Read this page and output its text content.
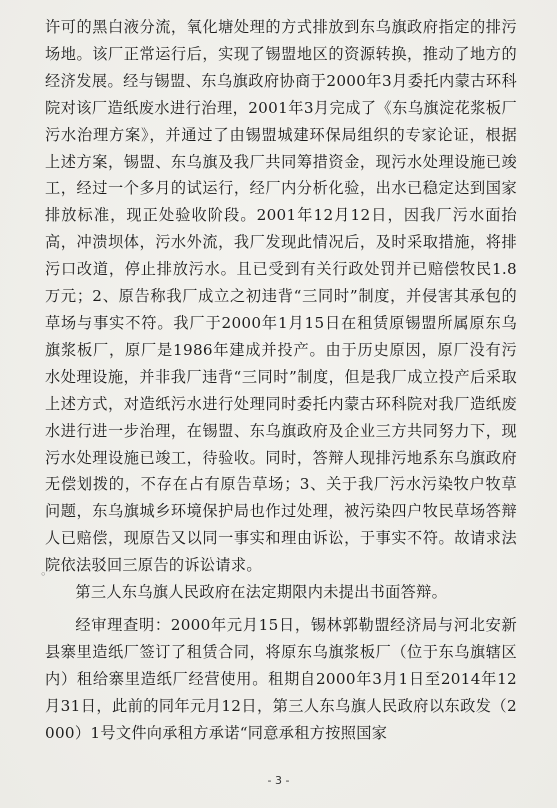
许可的黑白液分流，氧化塘处理的方式排放到东乌旗政府指定的排污场地。该厂正常运行后，实现了锡盟地区的资源转换，推动了地方的经济发展。经与锡盟、东乌旗政府协商于2000年3月委托内蒙古环科院对该厂造纸废水进行治理，2001年3月完成了《东乌旗淀花浆板厂污水治理方案》，并通过了由锡盟城建环保局组织的专家论证，根据上述方案，锡盟、东乌旗及我厂共同筹措资金，现污水处理设施已竣工，经过一个多月的试运行，经厂内分析化验，出水已稳定达到国家排放标准，现正处验收阶段。2001年12月12日，因我厂污水面抬高，冲溃坝体，污水外流，我厂发现此情况后，及时采取措施，将排污口改道，停止排放污水。且已受到有关行政处罚并已赔偿牧民1.8万元；2、原告称我厂成立之初违背“三同时”制度，并侵害其承包的草场与事实不符。我厂于2000年1月15日在租赁原锡盟所属原东乌旗浆板厂，原厂是1986年建成并投产。由于历史原因，原厂没有污水处理设施，并非我厂违背“三同时”制度，但是我厂成立投产后采取上述方式，对造纸污水进行处理同时委托内蒙古环科院对我厂造纸废水进行进一步治理，在锡盟、东乌旗政府及企业三方共同努力下，现污水处理设施已竣工，待验收。同时，答辩人现排污地系东乌旗政府无偿划拨的，不存在占有原告草场；3、关于我厂污水污染牧户牧草问题，东乌旗城乡环境保护局也作过处理，被污染四户牧民草场答辩人已赔偿，现原告又以同一事实和理由诉讼，于事实不符。故请求法院依法驳回三原告的诉讼请求。

第三人东乌旗人民政府在法定期限内未提出书面答辩。

经审理查明：2000年元月15日，锡林郭勒盟经济局与河北安新县寨里造纸厂签订了租赁合同，将原东乌旗浆板厂（位于东乌旗辖区内）租给寨里造纸厂经营使用。租期自2000年3月1日至2014年12月31日，此前的同年元月12日，第三人东乌旗人民政府以东政发（2000）1号文件向承租方承诺“同意承租方按照国家

◦
- 3 -
